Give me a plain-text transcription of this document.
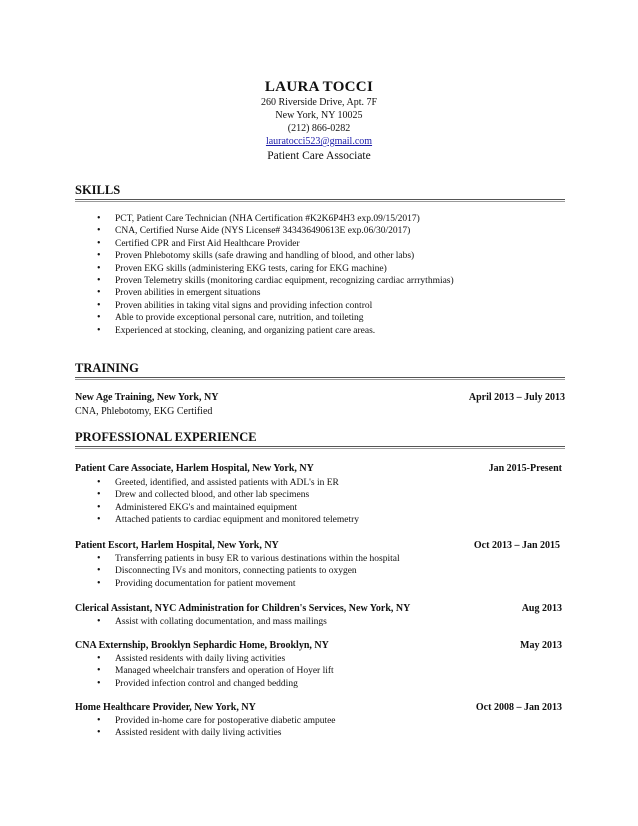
LAURA TOCCI
260 Riverside Drive, Apt. 7F
New York, NY 10025
(212) 866-0282
lauratocci523@gmail.com
Patient Care Associate
SKILLS
• PCT, Patient Care Technician (NHA Certification #K2K6P4H3 exp.09/15/2017)
• CNA, Certified Nurse Aide (NYS License# 343436490613E exp.06/30/2017)
• Certified CPR and First Aid Healthcare Provider
• Proven Phlebotomy skills (safe drawing and handling of blood, and other labs)
• Proven EKG skills (administering EKG tests, caring for EKG machine)
• Proven Telemetry skills (monitoring cardiac equipment, recognizing cardiac arrrythmias)
• Proven abilities in emergent situations
• Proven abilities in taking vital signs and providing infection control
• Able to provide exceptional personal care, nutrition, and toileting
• Experienced at stocking, cleaning, and organizing patient care areas.
TRAINING
New Age Training, New York, NY	April 2013 – July 2013
CNA, Phlebotomy, EKG Certified
PROFESSIONAL EXPERIENCE
Patient Care Associate, Harlem Hospital, New York, NY	Jan 2015-Present
• Greeted, identified, and assisted patients with ADL's in ER
• Drew and collected blood, and other lab specimens
• Administered EKG's and maintained equipment
• Attached patients to cardiac equipment and monitored telemetry
Patient Escort, Harlem Hospital, New York, NY	Oct 2013 – Jan 2015
• Transferring patients in busy ER to various destinations within the hospital
• Disconnecting IVs and monitors, connecting patients to oxygen
• Providing documentation for patient movement
Clerical Assistant, NYC Administration for Children's Services, New York, NY	Aug 2013
• Assist with collating documentation, and mass mailings
CNA Externship, Brooklyn Sephardic Home, Brooklyn, NY	May 2013
• Assisted residents with daily living activities
• Managed wheelchair transfers and operation of Hoyer lift
• Provided infection control and changed bedding
Home Healthcare Provider, New York, NY	Oct 2008 – Jan 2013
• Provided in-home care for postoperative diabetic amputee
• Assisted resident with daily living activities
